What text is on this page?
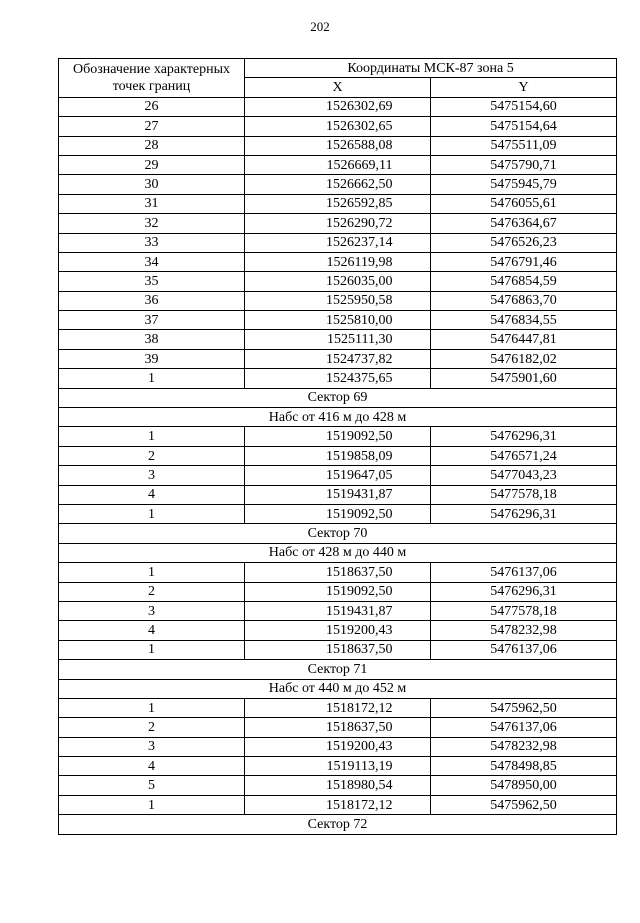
202
Обозначение характерных
точек границ	Координаты МСК-87 зона 5	
	X	Y
26	1526302,69	5475154,60
27	1526302,65	5475154,64
28	1526588,08	5475511,09
29	1526669,11	5475790,71
30	1526662,50	5475945,79
31	1526592,85	5476055,61
32	1526290,72	5476364,67
33	1526237,14	5476526,23
34	1526119,98	5476791,46
35	1526035,00	5476854,59
36	1525950,58	5476863,70
37	1525810,00	5476834,55
38	1525111,30	5476447,81
39	1524737,82	5476182,02
1	1524375,65	5475901,60
Сектор 69		
Набс от 416 м до 428 м		
1	1519092,50	5476296,31
2	1519858,09	5476571,24
3	1519647,05	5477043,23
4	1519431,87	5477578,18
1	1519092,50	5476296,31
Сектор 70		
Набс от 428 м до 440 м		
1	1518637,50	5476137,06
2	1519092,50	5476296,31
3	1519431,87	5477578,18
4	1519200,43	5478232,98
1	1518637,50	5476137,06
Сектор 71		
Набс от 440 м до 452 м		
1	1518172,12	5475962,50
2	1518637,50	5476137,06
3	1519200,43	5478232,98
4	1519113,19	5478498,85
5	1518980,54	5478950,00
1	1518172,12	5475962,50
Сектор 72		
